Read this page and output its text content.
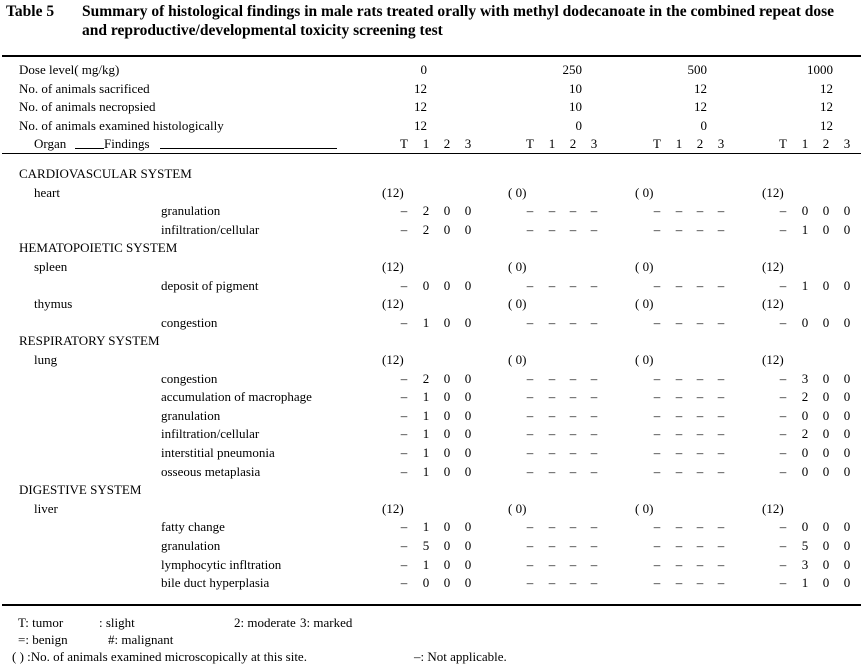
Table 5 Summary of histological findings in male rats treated orally with methyl dodecanoate in the combined repeat dose and reproductive/developmental toxicity screening test
Dose level( mg/kg)	0	250	500	1000
No. of animals sacrificed	12	10	12	12
No. of animals necropsied	12	10	12	12
No. of animals examined histologically	12	0	0	12
Organ	Findings	T 1 2 3	T 1 2 3	T 1 2 3	T 1 2 3
CARDIOVASCULAR SYSTEM
heart	(12)	( 0)	( 0)	(12)
granulation	– 2 0 0	– – – –	– – – –	– 0 0 0
infiltration/cellular	– 2 0 0	– – – –	– – – –	– 1 0 0
HEMATOPOIETIC SYSTEM
spleen	(12)	( 0)	( 0)	(12)
deposit of pigment	– 0 0 0	– – – –	– – – –	– 1 0 0
thymus	(12)	( 0)	( 0)	(12)
congestion	– 1 0 0	– – – –	– – – –	– 0 0 0
RESPIRATORY SYSTEM
lung	(12)	( 0)	( 0)	(12)
congestion	– 2 0 0	– – – –	– – – –	– 3 0 0
accumulation of macrophage	– 1 0 0	– – – –	– – – –	– 2 0 0
granulation	– 1 0 0	– – – –	– – – –	– 0 0 0
infiltration/cellular	– 1 0 0	– – – –	– – – –	– 2 0 0
interstitial pneumonia	– 1 0 0	– – – –	– – – –	– 0 0 0
osseous metaplasia	– 1 0 0	– – – –	– – – –	– 0 0 0
DIGESTIVE SYSTEM
liver	(12)	( 0)	( 0)	(12)
fatty change	– 1 0 0	– – – –	– – – –	– 0 0 0
granulation	– 5 0 0	– – – –	– – – –	– 5 0 0
lymphocytic infltration	– 1 0 0	– – – –	– – – –	– 3 0 0
bile duct hyperplasia	– 0 0 0	– – – –	– – – –	– 1 0 0
T: tumor	: slight	2: moderate 3: marked
=: benign	#: malignant
( ) :No. of animals examined microscopically at this site.	–: Not applicable.
